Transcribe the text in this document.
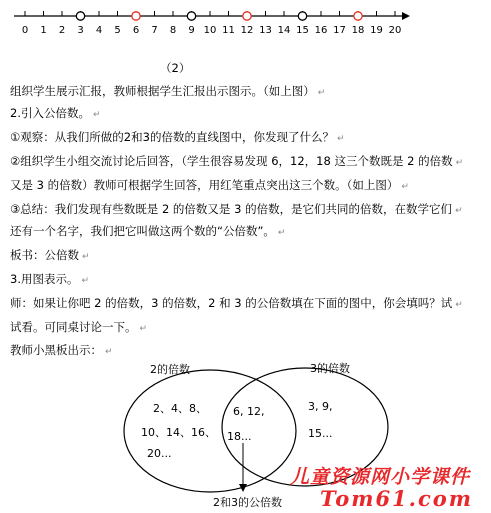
0 1 2 3 4 5 6 7 8 9 10 11 12 13 14 15 16 17 18 19 20
（2）
组织学生展示汇报，教师根据学生汇报出示图示。（如上图） ↵
2.引入公倍数。 ↵
①观察：从我们所做的2和3的倍数的直线图中，你发现了什么？ ↵
②组织学生小组交流讨论后回答，（学生很容易发现 6，12，18 这三个数既是 2 的倍数 ↵
又是 3 的倍数）教师可根据学生回答，用红笔重点突出这三个数。（如上图） ↵
③总结：我们发现有些数既是 2 的倍数又是 3 的倍数，是它们共同的倍数，在数学它们 ↵
还有一个名字，我们把它叫做这两个数的“公倍数”。 ↵
板书：公倍数 ↵
3.用图表示。 ↵
师：如果让你吧 2 的倍数，3 的倍数，2 和 3 的公倍数填在下面的图中，你会填吗？试 ↵
试看。可同桌讨论一下。 ↵
教师小黑板出示： ↵
2的倍数	3的倍数
2、4、8、
10、14、16、
20...
6, 12,
18...
3, 9,
15...
2和3的公倍数
儿童资源网小学课件
Tom61.com
